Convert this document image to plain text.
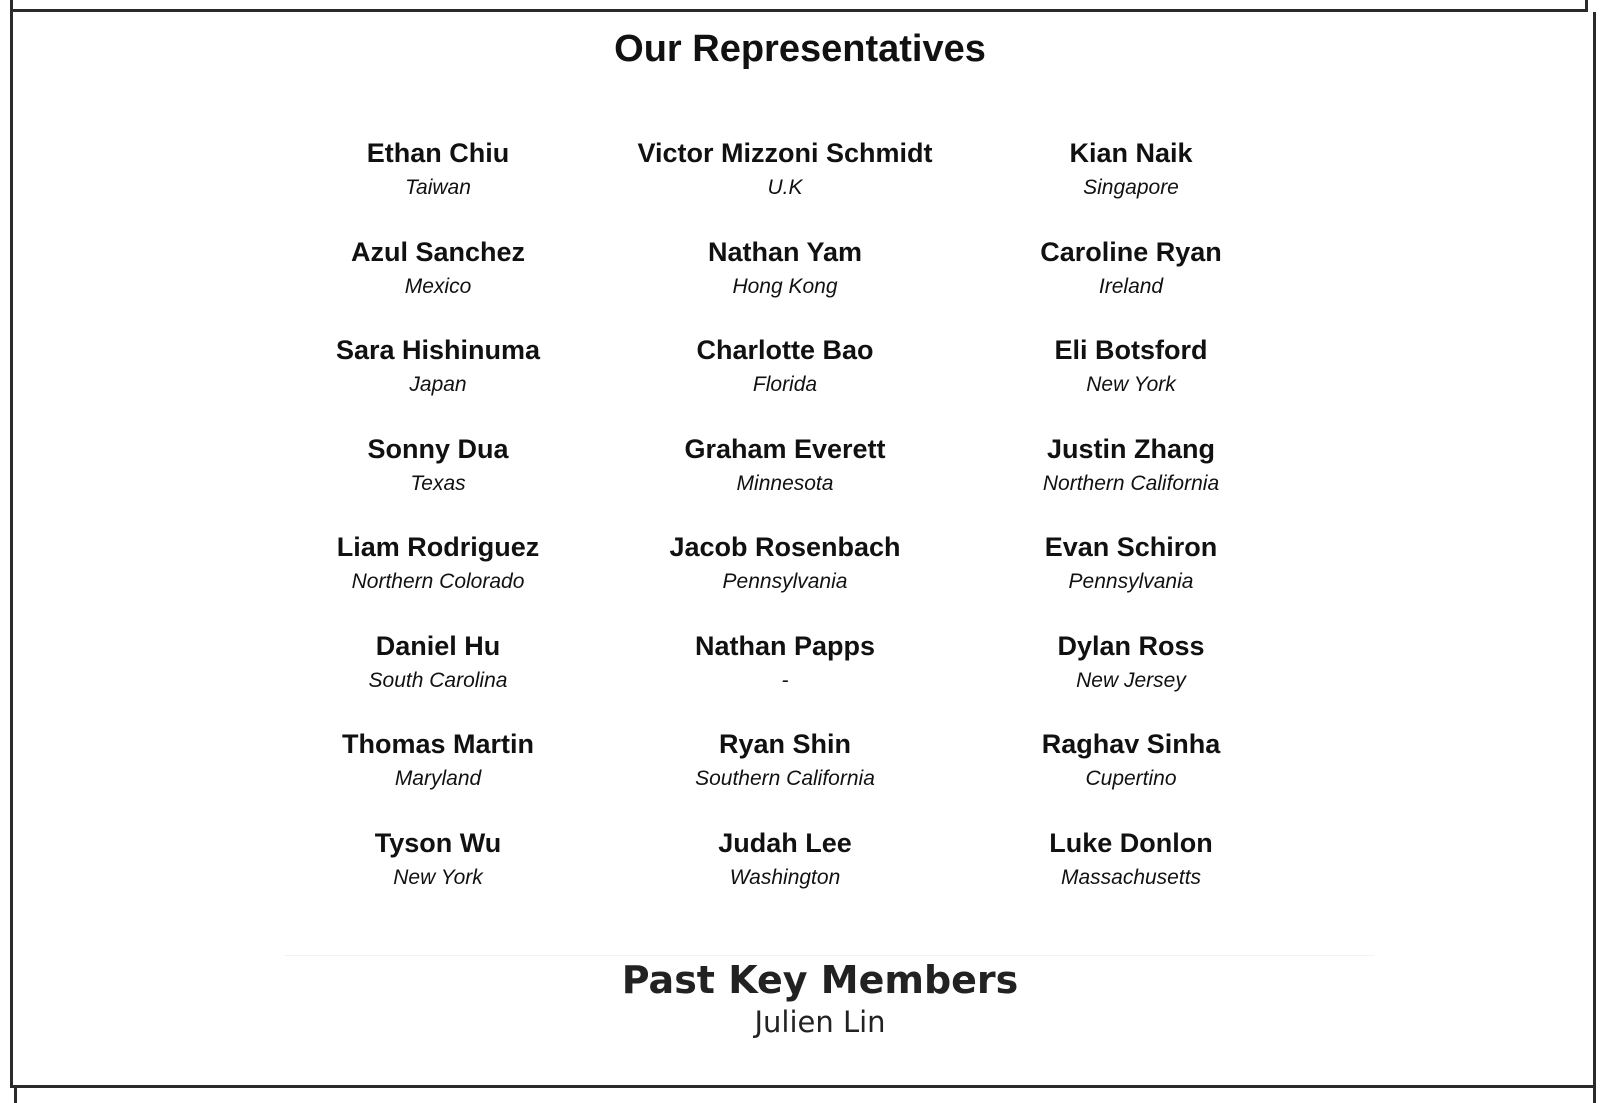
Our Representatives
Ethan Chiu
Taiwan
Victor Mizzoni Schmidt
U.K
Kian Naik
Singapore
Azul Sanchez
Mexico
Nathan Yam
Hong Kong
Caroline Ryan
Ireland
Sara Hishinuma
Japan
Charlotte Bao
Florida
Eli Botsford
New York
Sonny Dua
Texas
Graham Everett
Minnesota
Justin Zhang
Northern California
Liam Rodriguez
Northern Colorado
Jacob Rosenbach
Pennsylvania
Evan Schiron
Pennsylvania
Daniel Hu
South Carolina
Nathan Papps
-
Dylan Ross
New Jersey
Thomas Martin
Maryland
Ryan Shin
Southern California
Raghav Sinha
Cupertino
Tyson Wu
New York
Judah Lee
Washington
Luke Donlon
Massachusetts
Past Key Members
Julien Lin
